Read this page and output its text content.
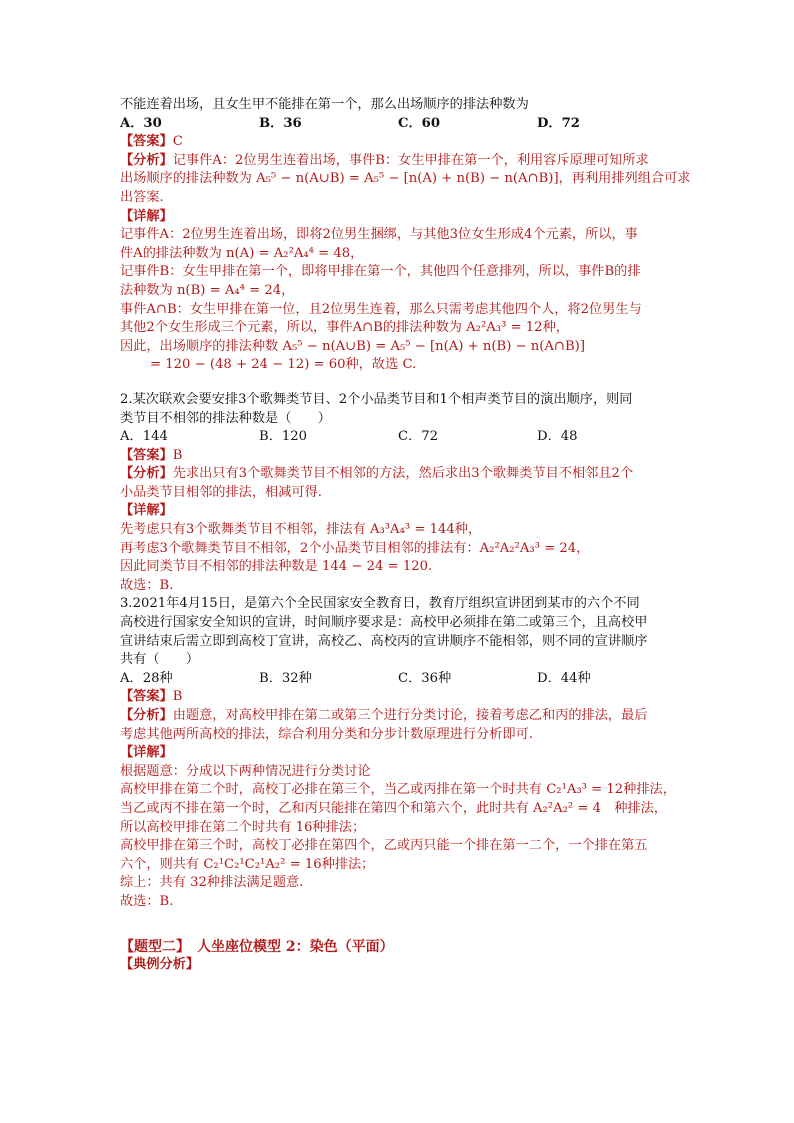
不能连着出场，且女生甲不能排在第一个，那么出场顺序的排法种数为
A．30	B．36	C．60	D．72
【答案】C
【分析】记事件A：2位男生连着出场，事件B：女生甲排在第一个，利用容斥原理可知所求
出场顺序的排法种数为 A₅⁵ − n(A∪B) = A₅⁵ − [n(A) + n(B) − n(A∩B)]，再利用排列组合可求
出答案.
【详解】
记事件A：2位男生连着出场，即将2位男生捆绑，与其他3位女生形成4个元素，所以，事
件A的排法种数为 n(A) = A₂²A₄⁴ = 48，
记事件B：女生甲排在第一个，即将甲排在第一个，其他四个任意排列，所以，事件B的排
法种数为 n(B) = A₄⁴ = 24，
事件A∩B：女生甲排在第一位，且2位男生连着，那么只需考虑其他四个人，将2位男生与
其他2个女生形成三个元素，所以，事件A∩B的排法种数为 A₂²A₃³ = 12种，
因此，出场顺序的排法种数 A₅⁵ − n(A∪B) = A₅⁵ − [n(A) + n(B) − n(A∩B)]
= 120 − (48 + 24 − 12) = 60种，故选 C.
2.某次联欢会要安排3个歌舞类节目、2个小品类节目和1个相声类节目的演出顺序，则同
类节目不相邻的排法种数是（　　）
A．144	B．120	C．72	D．48
【答案】B
【分析】先求出只有3个歌舞类节目不相邻的方法，然后求出3个歌舞类节目不相邻且2个
小品类节目相邻的排法，相减可得.
【详解】
先考虑只有3个歌舞类节目不相邻，排法有 A₃³A₄³ = 144种，
再考虑3个歌舞类节目不相邻，2个小品类节目相邻的排法有：A₂²A₂²A₃³ = 24，
因此同类节目不相邻的排法种数是 144 − 24 = 120.
故选：B.
3.2021年4月15日，是第六个全民国家安全教育日，教育厅组织宣讲团到某市的六个不同
高校进行国家安全知识的宣讲，时间顺序要求是：高校甲必须排在第二或第三个，且高校甲
宣讲结束后需立即到高校丁宣讲，高校乙、高校丙的宣讲顺序不能相邻，则不同的宣讲顺序
共有（　　）
A．28种	B．32种	C．36种	D．44种
【答案】B
【分析】由题意，对高校甲排在第二或第三个进行分类讨论，接着考虑乙和丙的排法，最后
考虑其他两所高校的排法，综合利用分类和分步计数原理进行分析即可.
【详解】
根据题意：分成以下两种情况进行分类讨论
高校甲排在第二个时，高校丁必排在第三个，当乙或丙排在第一个时共有 C₂¹A₃³ = 12种排法，
当乙或丙不排在第一个时，乙和丙只能排在第四个和第六个，此时共有 A₂²A₂² = 4　种排法，
所以高校甲排在第二个时共有 16种排法；
高校甲排在第三个时，高校丁必排在第四个，乙或丙只能一个排在第一二个，一个排在第五
六个，则共有 C₂¹C₂¹C₂¹A₂² = 16种排法；
综上：共有 32种排法满足题意.
故选：B.
【题型二】　人坐座位模型 2：染色（平面）
【典例分析】
